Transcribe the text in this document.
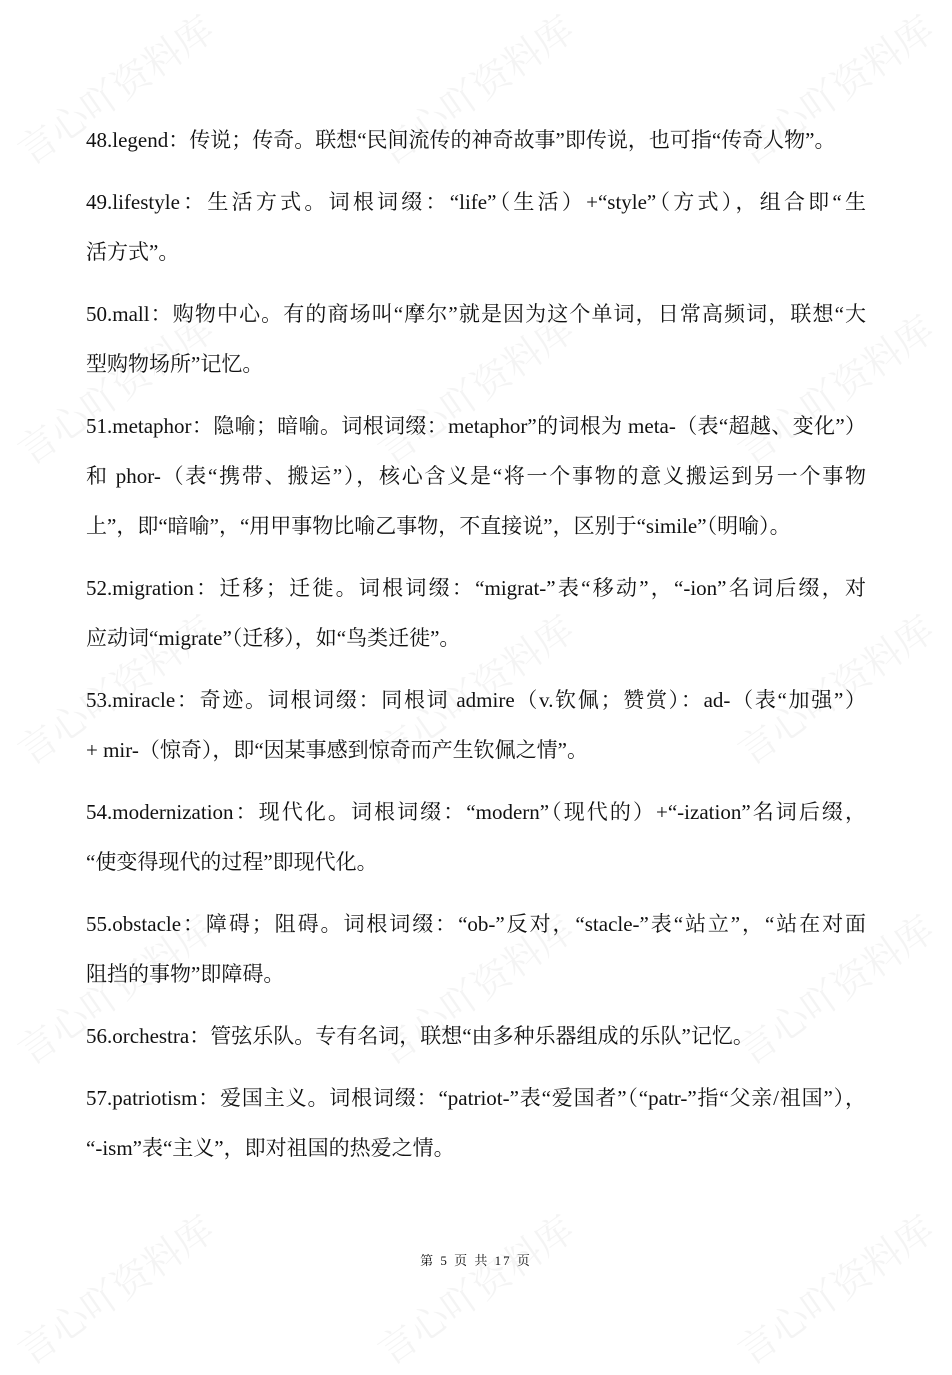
48.legend：传说；传奇。联想“民间流传的神奇故事”即传说，也可指“传奇人物”。
49.lifestyle：生活方式。词根词缀：“life”（生活）+“style”（方式），组合即“生
活方式”。
50.mall：购物中心。有的商场叫“摩尔”就是因为这个单词，日常高频词，联想“大
型购物场所”记忆。
51.metaphor：隐喻；暗喻。词根词缀：metaphor”的词根为 meta-（表“超越、变化”）
和 phor-（表“携带、搬运”），核心含义是“将一个事物的意义搬运到另一个事物
上”，即“暗喻”，“用甲事物比喻乙事物，不直接说”，区别于“simile”（明喻）。
52.migration：迁移；迁徙。词根词缀：“migrat-”表“移动”，“-ion”名词后缀，对
应动词“migrate”（迁移），如“鸟类迁徙”。
53.miracle：奇迹。词根词缀：同根词 admire（v.钦佩；赞赏）：ad-（表“加强”）
+ mir-（惊奇），即“因某事感到惊奇而产生钦佩之情”。
54.modernization：现代化。词根词缀：“modern”（现代的）+“-ization”名词后缀，
“使变得现代的过程”即现代化。
55.obstacle：障碍；阻碍。词根词缀：“ob-”反对，“stacle-”表“站立”，“站在对面
阻挡的事物”即障碍。
56.orchestra：管弦乐队。专有名词，联想“由多种乐器组成的乐队”记忆。
57.patriotism：爱国主义。词根词缀：“patriot-”表“爱国者”（“patr-”指“父亲/祖国”），
“-ism”表“主义”，即对祖国的热爱之情。
第 5 页 共 17 页
